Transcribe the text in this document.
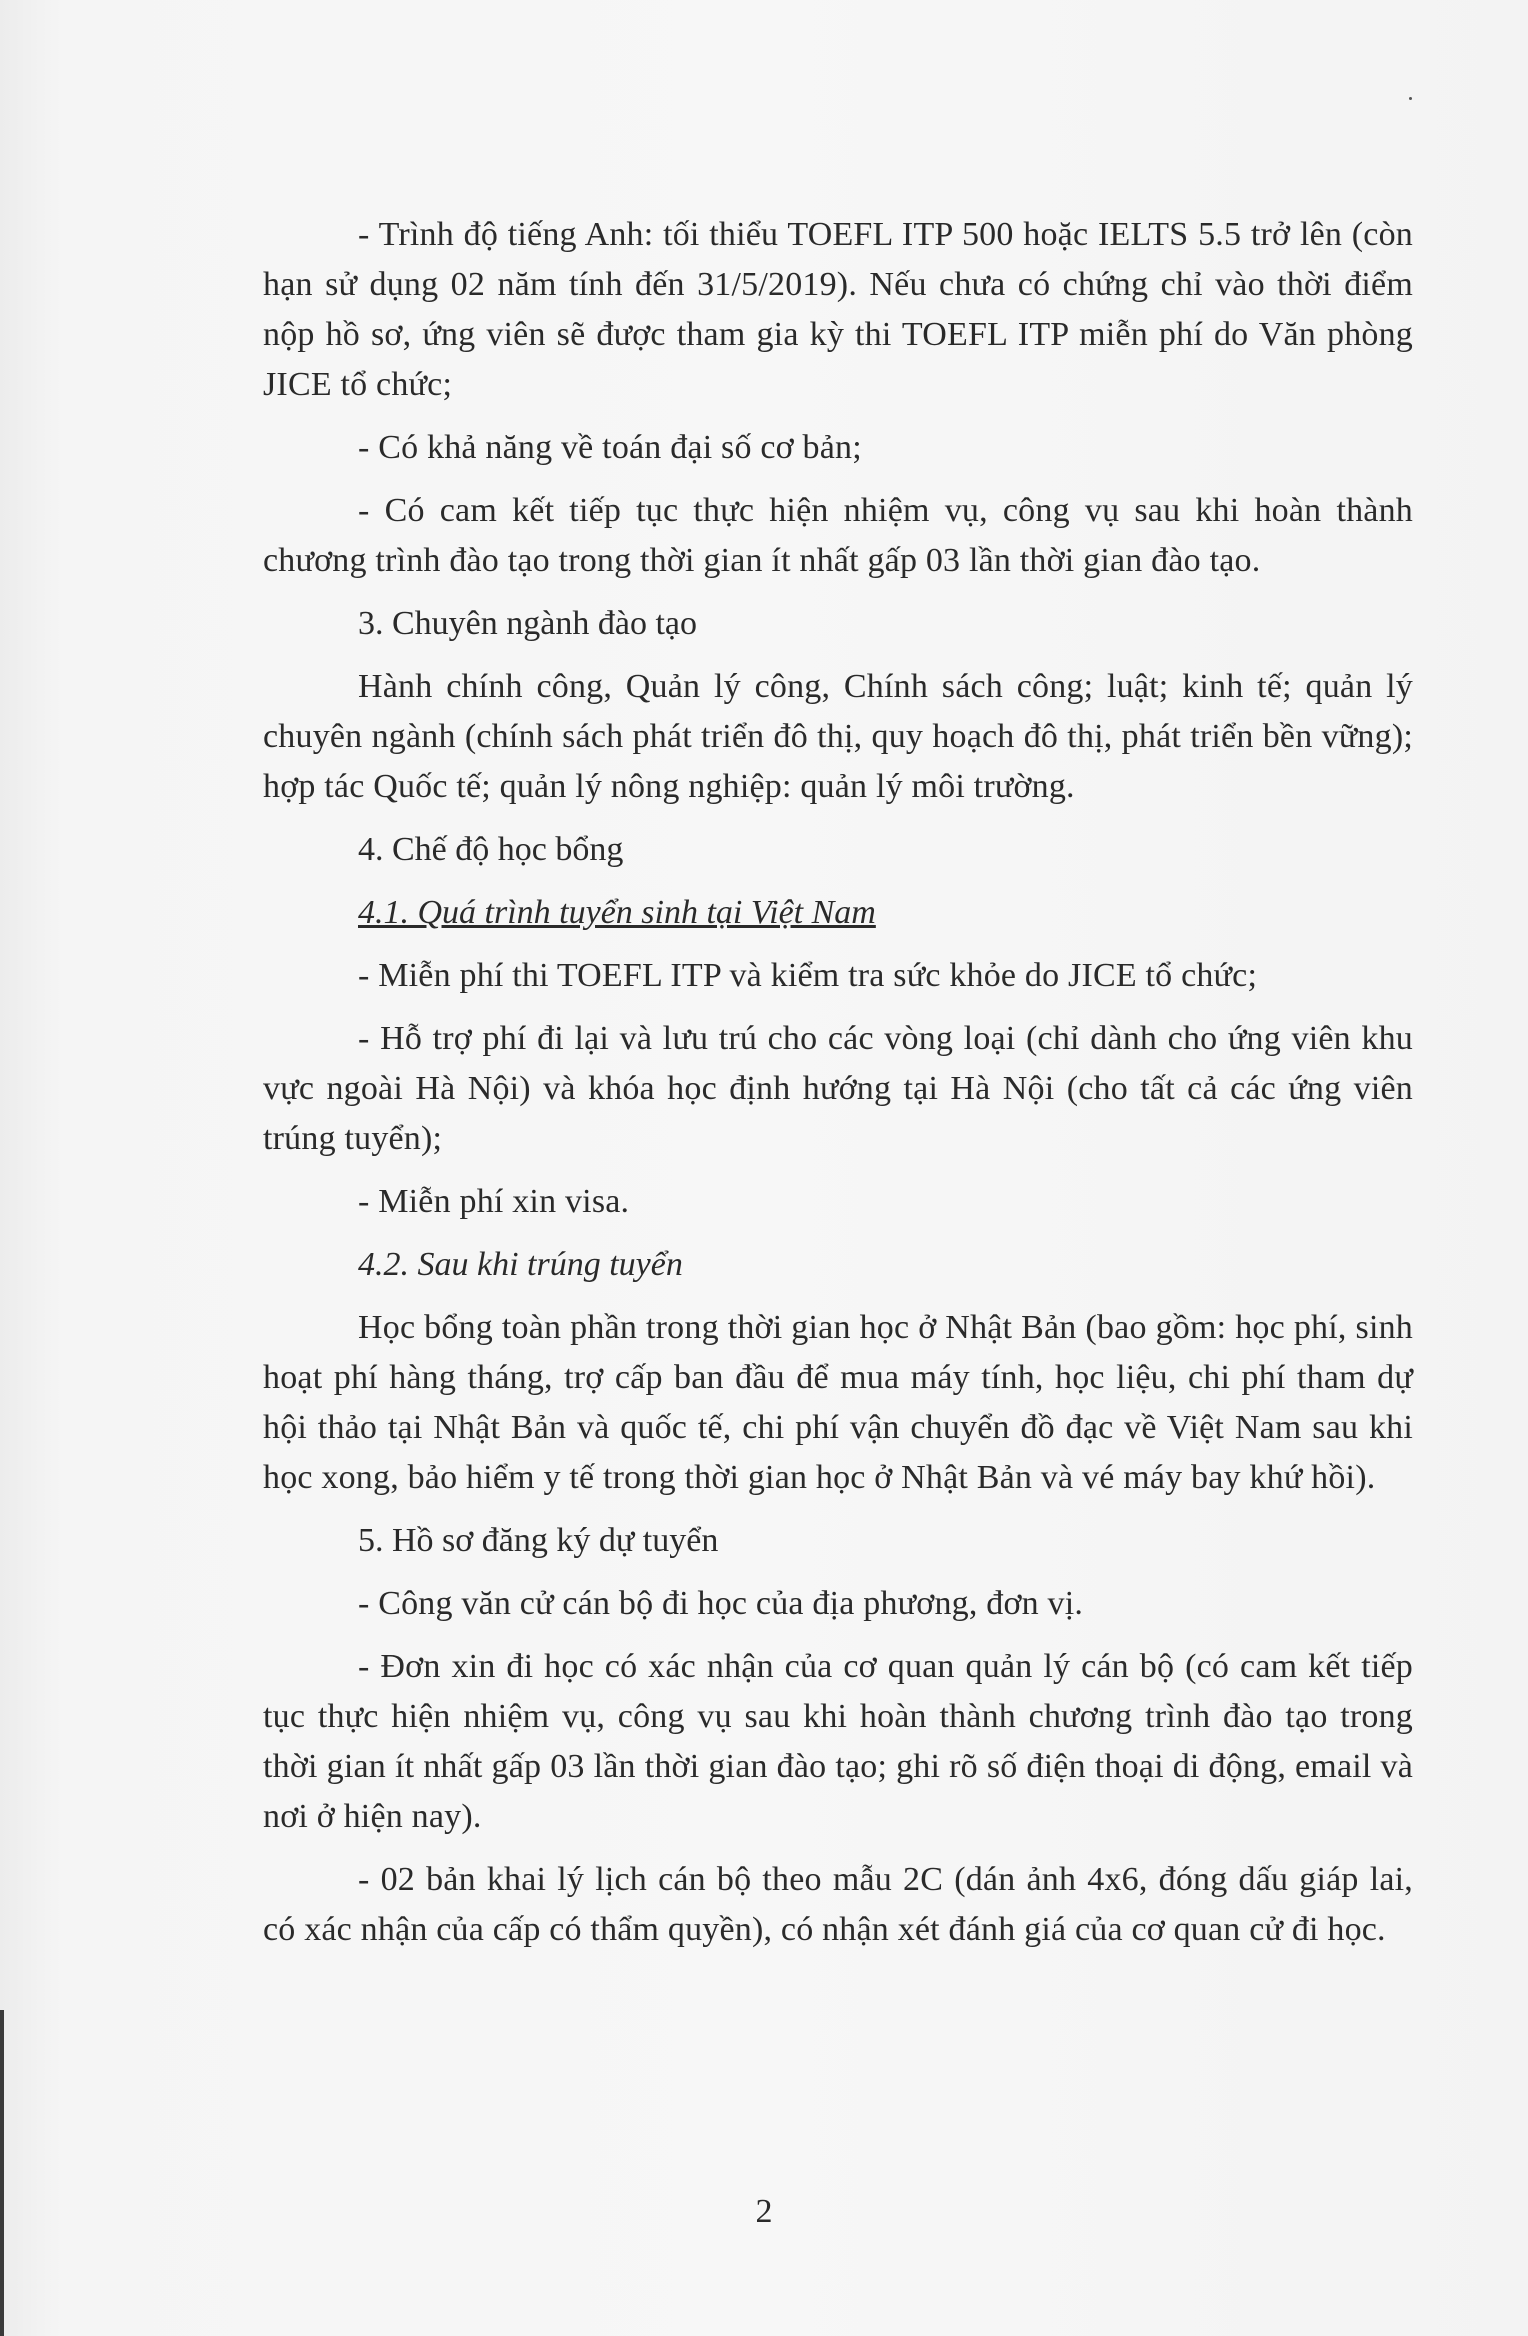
- Trình độ tiếng Anh: tối thiểu TOEFL ITP 500 hoặc IELTS 5.5 trở lên (còn hạn sử dụng 02 năm tính đến 31/5/2019). Nếu chưa có chứng chỉ vào thời điểm nộp hồ sơ, ứng viên sẽ được tham gia kỳ thi TOEFL ITP miễn phí do Văn phòng JICE tổ chức;

- Có khả năng về toán đại số cơ bản;

- Có cam kết tiếp tục thực hiện nhiệm vụ, công vụ sau khi hoàn thành chương trình đào tạo trong thời gian ít nhất gấp 03 lần thời gian đào tạo.

3. Chuyên ngành đào tạo

Hành chính công, Quản lý công, Chính sách công; luật; kinh tế; quản lý chuyên ngành (chính sách phát triển đô thị, quy hoạch đô thị, phát triển bền vững); hợp tác Quốc tế; quản lý nông nghiệp: quản lý môi trường.

4. Chế độ học bổng
4.1. Quá trình tuyển sinh tại Việt Nam

- Miễn phí thi TOEFL ITP và kiểm tra sức khỏe do JICE tổ chức;

- Hỗ trợ phí đi lại và lưu trú cho các vòng loại (chỉ dành cho ứng viên khu vực ngoài Hà Nội) và khóa học định hướng tại Hà Nội (cho tất cả các ứng viên trúng tuyển);

- Miễn phí xin visa.

4.2. Sau khi trúng tuyển

Học bổng toàn phần trong thời gian học ở Nhật Bản (bao gồm: học phí, sinh hoạt phí hàng tháng, trợ cấp ban đầu để mua máy tính, học liệu, chi phí tham dự hội thảo tại Nhật Bản và quốc tế, chi phí vận chuyển đồ đạc về Việt Nam sau khi học xong, bảo hiểm y tế trong thời gian học ở Nhật Bản và vé máy bay khứ hồi).

5. Hồ sơ đăng ký dự tuyển

- Công văn cử cán bộ đi học của địa phương, đơn vị.

- Đơn xin đi học có xác nhận của cơ quan quản lý cán bộ (có cam kết tiếp tục thực hiện nhiệm vụ, công vụ sau khi hoàn thành chương trình đào tạo trong thời gian ít nhất gấp 03 lần thời gian đào tạo; ghi rõ số điện thoại di động, email và nơi ở hiện nay).

- 02 bản khai lý lịch cán bộ theo mẫu 2C (dán ảnh 4x6, đóng dấu giáp lai, có xác nhận của cấp có thẩm quyền), có nhận xét đánh giá của cơ quan cử đi học.

2
